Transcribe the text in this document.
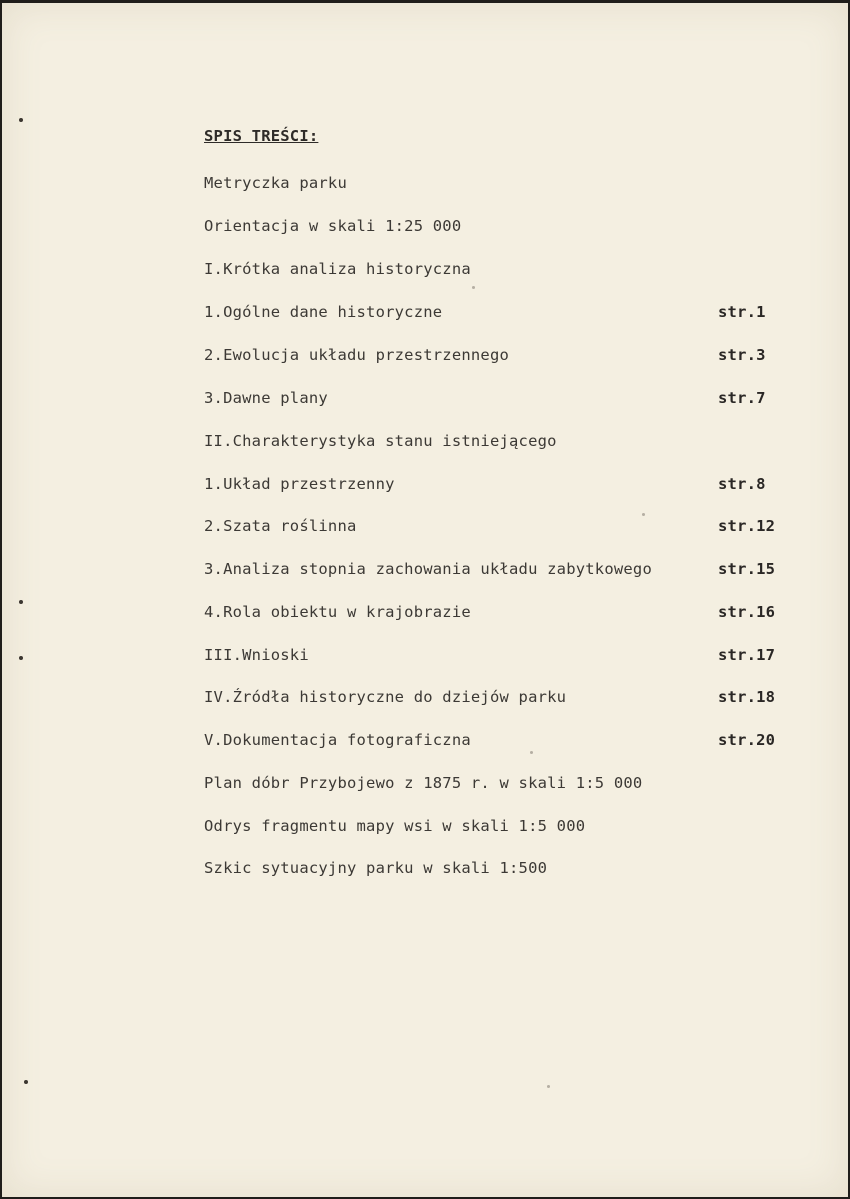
SPIS TREŚCI:
Metryczka parku
Orientacja w skali 1:25 000
I.Krótka analiza historyczna
1.Ogólne dane historyczne	str.1
2.Ewolucja układu przestrzennego	str.3
3.Dawne plany	str.7
II.Charakterystyka stanu istniejącego
1.Układ przestrzenny	str.8
2.Szata roślinna	str.12
3.Analiza stopnia zachowania układu zabytkowego	str.15
4.Rola obiektu w krajobrazie	str.16
III.Wnioski	str.17
IV.Źródła historyczne do dziejów parku	str.18
V.Dokumentacja fotograficzna	str.20
Plan dóbr Przybojewo z 1875 r. w skali 1:5 000
Odrys fragmentu mapy wsi w skali 1:5 000
Szkic sytuacyjny parku w skali 1:500
